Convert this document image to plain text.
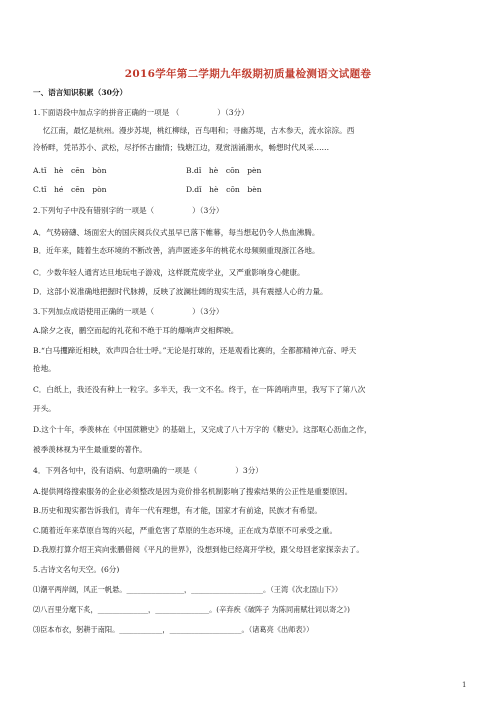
2016学年第二学期九年级期初质量检测语文试题卷
一、语言知识积累（30分）
1.下面语段中加点字的拼音正确的一项是 （　　　　　）（3分）
忆江南，最忆是杭州。漫步苏堤，桃红柳绿，百鸟唱和；寻幽苏堤，古木参天，流水淙淙。西
泠桥畔，凭吊苏小、武松，尽抒怀古幽情；钱塘江边，观赏汹涌潮水，畅想时代风采……
A.tǐ　hè　cēn　bòn	B.dǐ　hè　cōn　pèn
C.tǐ　hé　cēn　pòn	D.dǐ　hè　cōn　bèn
2.下列句子中没有错别字的一项是（　　　　　）（3分）
A．气势磅礴、场面宏大的国庆阅兵仪式虽早已落下帷幕，每当想起仍令人热血沸腾。
B．近年来，随着生态环境的不断改善，消声匿迹多年的桃花水母频频重现浙江各地。
C．少数年轻人通宵达旦地玩电子游戏，这样既荒废学业，又严重影响身心健康。
D．这部小说准确地把握时代脉搏，反映了波澜壮阔的现实生活，具有震撼人心的力量。
3.下列加点成语使用正确的一项是（　　　　　）（3分）
A.除夕之夜，鹏空而起的礼花和不绝于耳的爆响声交相辉映。
B.“白马攫蹄近相映，欢声四合壮士呼。”无论是打球的，还是观看比赛的，全都都精神亢奋、呼天
抢地。
C．白纸上，我还没有种上一粒字。多半天，我一文不名。终于，在一阵鸽哨声里，我写下了第八次
开头。
D.这个十年，季羡林在《中国蔗糖史》的基础上，又完成了八十万字的《糖史》。这部呕心沥血之作，
被季羡林视为平生最重要的著作。
4．下列各句中，没有语病、句意明确的一项是（　　　　　）3分）
A.提供网络搜索服务的企业必须整改是因为竞价排名机制影响了搜索结果的公正性是重要原因。
B.历史和现实都告诉我们，青年一代有理想，有才能，国家才有前途，民族才有希望。
C.随着近年来草原自驾的兴起，严重危害了草原的生态环境，正在成为草原不可承受之重。
D.我原打算介绍王宾向张鹏借阅《平凡的世界》，没想到他已经离开学校，跟父母回老家探亲去了。
5.古诗文名句天空。(6分)
⑴潮平两岸阔，风正一帆悬。________________，____________________。（王湾《次北固山下》）
⑵八百里分麾下炙，______________，_______________。(辛弃疾《破阵子 为陈同甫赋壮词以寄之》)
⑶臣本布衣，躬耕于南阳。____________，____________________。（诸葛亮《出师表》）
1
